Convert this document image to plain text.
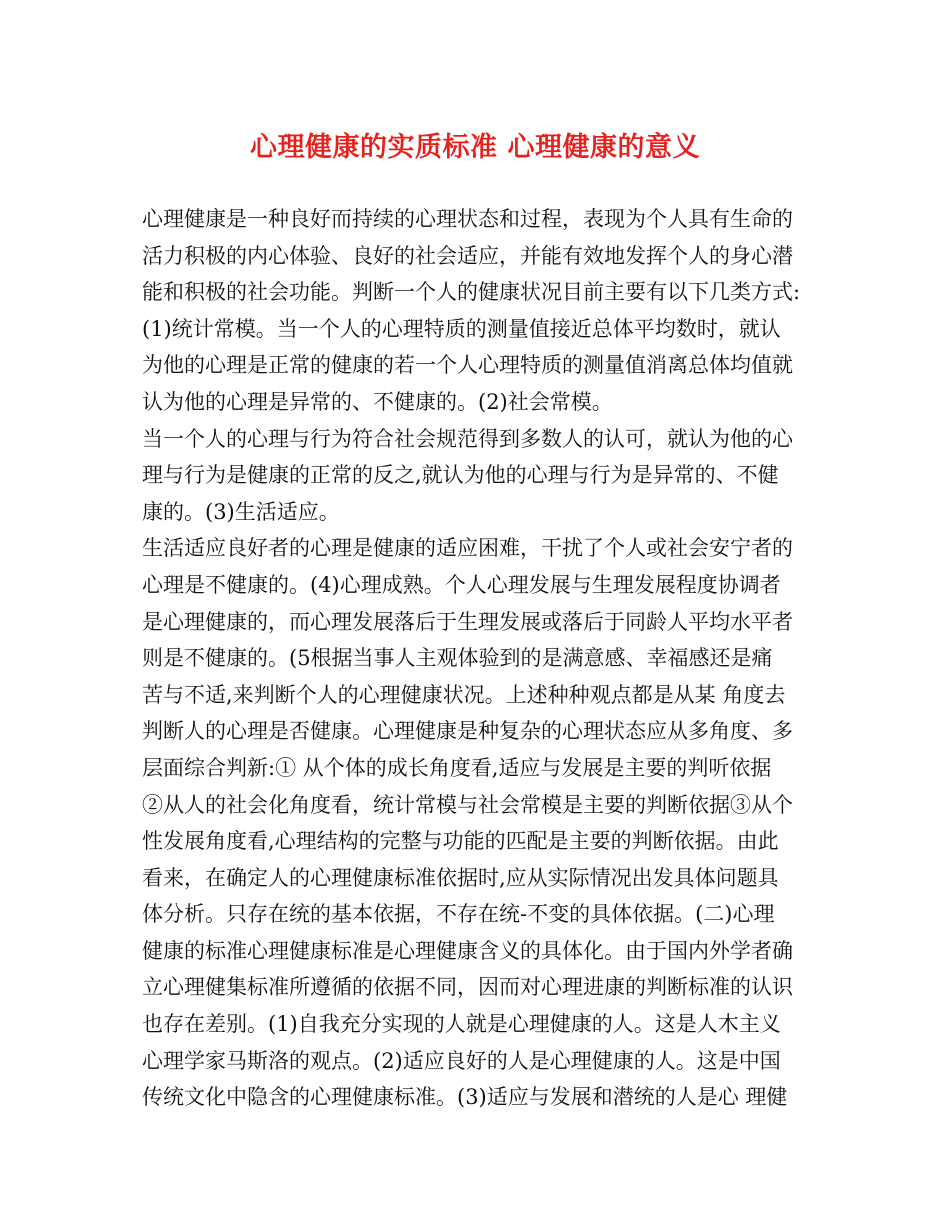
心理健康的实质标准 心理健康的意义
心理健康是一种良好而持续的心理状态和过程，表现为个人具有生命的
活力积极的内心体验、良好的社会适应，并能有效地发挥个人的身心潜
能和积极的社会功能。判断一个人的健康状况目前主要有以下几类方式:
(1)统计常模。当一个人的心理特质的测量值接近总体平均数时，就认
为他的心理是正常的健康的若一个人心理特质的测量值消离总体均值就
认为他的心理是异常的、不健康的。(2)社会常模。
当一个人的心理与行为符合社会规范得到多数人的认可，就认为他的心
理与行为是健康的正常的反之,就认为他的心理与行为是异常的、不健
康的。(3)生活适应。
生活适应良好者的心理是健康的适应困难，干扰了个人或社会安宁者的
心理是不健康的。(4)心理成熟。个人心理发展与生理发展程度协调者
是心理健康的，而心理发展落后于生理发展或落后于同龄人平均水平者
则是不健康的。(5根据当事人主观体验到的是满意感、幸福感还是痛
苦与不适,来判断个人的心理健康状况。上述种种观点都是从某 角度去
判断人的心理是否健康。心理健康是种复杂的心理状态应从多角度、多
层面综合判新:① 从个体的成长角度看,适应与发展是主要的判听依据
②从人的社会化角度看，统计常模与社会常模是主要的判断依据③从个
性发展角度看,心理结构的完整与功能的匹配是主要的判断依据。由此
看来，在确定人的心理健康标准依据时,应从实际情况出发具体问题具
体分析。只存在统的基本依据，不存在统-不变的具体依据。(二)心理
健康的标准心理健康标准是心理健康含义的具体化。由于国内外学者确
立心理健集标准所遵循的依据不同，因而对心理进康的判断标准的认识
也存在差别。(1)自我充分实现的人就是心理健康的人。这是人木主义
心理学家马斯洛的观点。(2)适应良好的人是心理健康的人。这是中国
传统文化中隐含的心理健康标准。(3)适应与发展和潜统的人是心 理健
